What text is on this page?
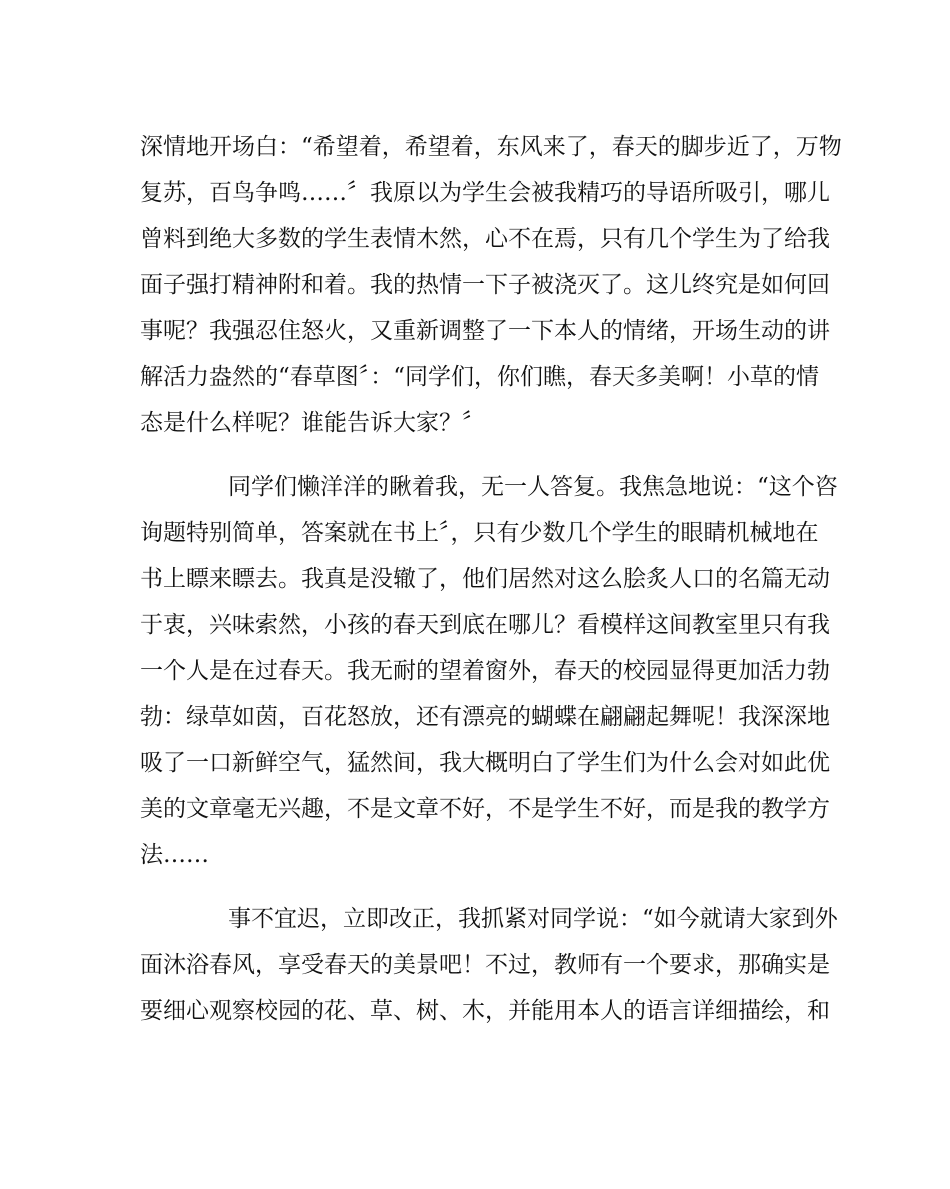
深情地开场白：“希望着，希望着，东风来了，春天的脚步近了，万物
复苏，百鸟争鸣……〞我原以为学生会被我精巧的导语所吸引，哪儿
曾料到绝大多数的学生表情木然，心不在焉，只有几个学生为了给我
面子强打精神附和着。我的热情一下子被浇灭了。这儿终究是如何回
事呢？我强忍住怒火，又重新调整了一下本人的情绪，开场生动的讲
解活力盎然的“春草图〞：“同学们，你们瞧，春天多美啊！小草的情
态是什么样呢？谁能告诉大家？〞
同学们懒洋洋的瞅着我，无一人答复。我焦急地说：“这个咨
询题特别简单，答案就在书上〞，只有少数几个学生的眼睛机械地在
书上瞟来瞟去。我真是没辙了，他们居然对这么脍炙人口的名篇无动
于衷，兴味索然，小孩的春天到底在哪儿？看模样这间教室里只有我
一个人是在过春天。我无耐的望着窗外，春天的校园显得更加活力勃
勃：绿草如茵，百花怒放，还有漂亮的蝴蝶在翩翩起舞呢！我深深地
吸了一口新鲜空气，猛然间，我大概明白了学生们为什么会对如此优
美的文章毫无兴趣，不是文章不好，不是学生不好，而是我的教学方
法……
事不宜迟，立即改正，我抓紧对同学说：“如今就请大家到外
面沐浴春风，享受春天的美景吧！不过，教师有一个要求，那确实是
要细心观察校园的花、草、树、木，并能用本人的语言详细描绘，和
